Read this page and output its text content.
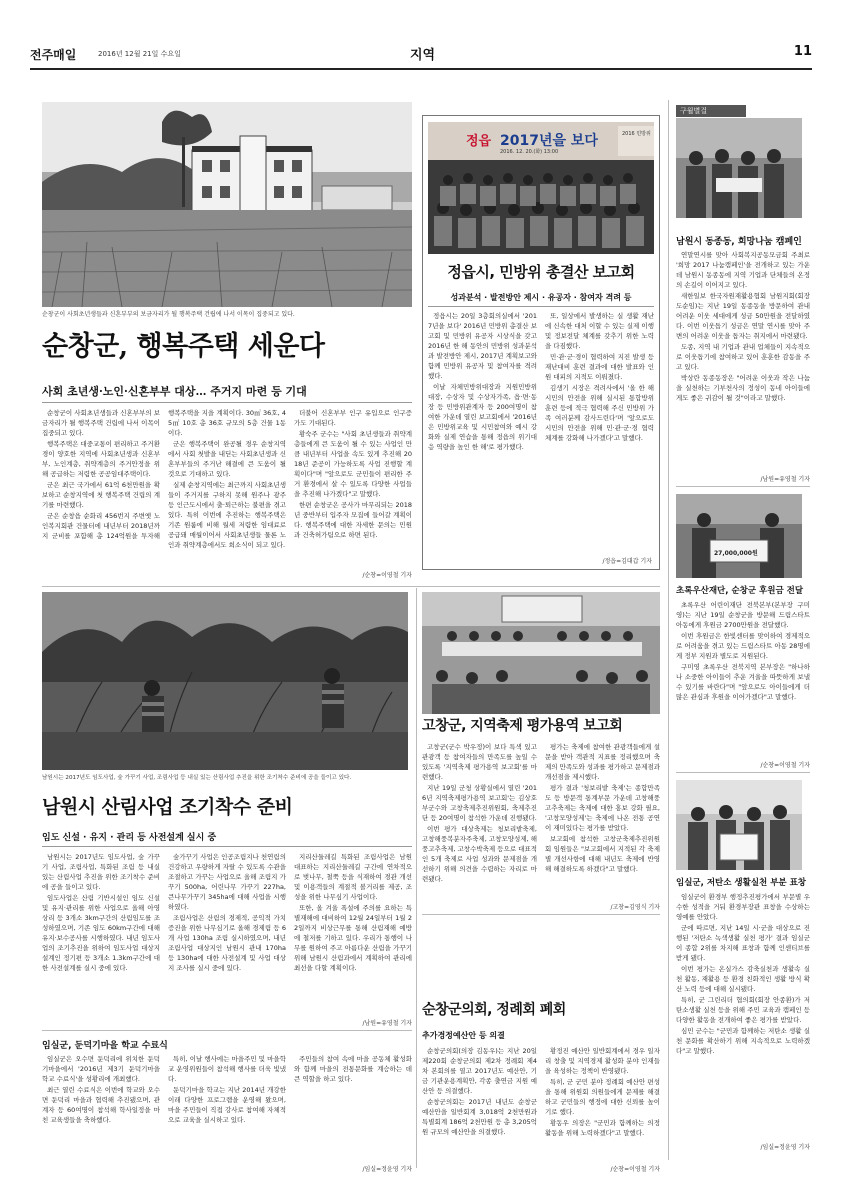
전주매일	2016년 12월 21일 수요일	지역	11
순창군이 사회초년생들과 신혼부부의 보금자리가 될 행복주택 건립에 나서 이목이 집중되고 있다.
순창군, 행복주택 세운다
사회 초년생·노인·신혼부부 대상… 주거지 마련 등 기대

순창군이 사회초년생들과 신혼부부의 보금자리가 될 행복주택 건립에 나서 이목이 집중되고 있다.

행복주택은 대중교통이 편리하고 주거환경이 양호한 지역에 사회초년생과 신혼부부, 노인계층, 취약계층의 주거안정을 위해 공급하는 저렴한 공공임대주택이다.

군은 최근 국가에서 61억 6천만원을 확보하고 순창지역에 첫 행복주택 건립의 계기를 마련했다.

군은 순창읍 순화리 456번지 주변옛 노인복지회관 건물터에 내년부터 2018년까지 군비를 포함해 총 124억원을 투자해 행복주택을 지을 계획이다. 30㎡ 36호, 45㎡ 10호 총 36호 규모의 5층 건물 1동이다.

군은 행복주택이 완공될 경우 순창지역에서 사회 첫발을 내딛는 사회초년생과 신혼부부들의 주거난 해결에 큰 도움이 될 것으로 기대하고 있다.

실제 순창지역에는 최근까지 사회초년생들이 주거지를 구하지 못해 원주나 광주 등 인근도시에서 출·퇴근하는 불편을 겪고 있다. 특히 이번에 추진하는 행복주택은 기존 원룸에 비해 월세 저렴한 임대료로 공급돼 매월이어서 사회초년생들 물론 노인과 취약계층에서도 희소식이 되고 있다.

더불어 신혼부부 인구 유입으로 인구증가도 기대된다.

황숙주 군수는 "사회 초년생들과 취약계층들에게 큰 도움이 될 수 있는 사업인 만큼 내년부터 사업을 속도 있게 추진해 2018년 준공이 가능하도록 사업 진행할 계획이다"며 "앞으로도 군민들이 편리한 주거 환경에서 살 수 있도록 다양한 사업들을 추진해 나가겠다"고 말했다.

한편 순창군은 공사가 마무리되는 2018년 중반부터 입주자 모집에 들어갈 계획이다. 행복주택에 대한 자세한 문의는 민원과 건축허가팀으로 하면 된다.

/순창=이영철 기자
정읍 2017년을 보다
2016. 12. 20.(화) 13:00
2016 민방위
정읍시, 민방위 총결산 보고회
성과분석 · 발전방안 제시 · 유공자 · 참여자 격려 등

정읍시는 20일 3층회의실에서 '2017년을 보다' 2016년 민방위 총결산 보고회 및 민방위 유공자 시상식을 갖고 2016년 한 해 동안의 민방위 성과분석과 발전방안 제시, 2017년 계획보고와 함께 민방위 유공자 및 참여자를 격려했다.

이날 자체민방위대장과 지원민방위대장, 수상자 및 수상자가족, 읍·면·동장 등 민방위관계자 등 200여명이 참여한 가운데 열린 보고회에서 '2016년은 민방위교육 및 시민참여와 예시 강화와 실제 연습을 통해 정읍의 위기대응 역량을 높인 한 해'로 평가했다.

또, 일상에서 발생하는 실 생활 재난에 신속한 대처 이할 수 있는 실제 이행 및 정보전달 체계를 갖추기 위한 노력을 다짐했다.

민·관·군·경이 협력하여 지진 발생 등 재난대비 훈련 결과에 대한 발표와 인원 대피의 지적도 이뤄졌다.

김생기 시장은 격려사에서 '올 한 해 시민의 안전을 위해 실시된 통합방위 훈련 등에 적극 협력해 주신 민방위 가족 여러분께 감사드린다'며 '앞으로도 시민의 안전을 위해 민·관·군·경 협력 체계를 강화해 나가겠다'고 말했다.

/정읍=김대갑 기자
구월별걸
남원시 동종동, 희망나눔 캠페인

연말연시를 맞아 사회복지공동모금회 주최로 '희망 2017 나눔캠페인'을 전개하고 있는 가운데 남원시 동종동에 지역 기업과 단체들의 온정의 손길이 이어지고 있다.

새한일보 한국자원재활용협회 남원지회(회장 도순임)는 지난 19일 동종동을 방문하여 관내 어려운 이웃 세대에게 성금 50만원을 전달하였다. 이번 이웃돕기 성금은 연말 연시를 맞아 주변의 어려운 이웃을 돕자는 취지에서 마련됐다.

도종, 지역 내 기업과 관내 업체들이 지속적으로 이웃돕기에 참여하고 있어 훈훈한 감동을 주고 있다.

박상란 동종동장은 "어려운 이웃과 작은 나눔을 실천하는 기부천사의 정성이 동네 아이들에게도 좋은 귀감이 될 것"이라고 말했다.

/남원=유영철 기자
27,000,000원
초록우산재단, 순창군 후원금 전달

초록우산 어린이재단 전북본부(본부장 구미영)는 지난 19일 순창군을 방문해 드림스타트아동에게 후원금 2700만원을 전달했다.

이번 후원금은 한빛센터를 맞이하여 경제적으로 어려움을 겪고 있는 드림스타트 아동 28명에게 정부 지원과 별도로 지원된다.

구미영 초록우산 전북지역 본부장은 "하나하나 소중한 아이들이 추운 겨울을 따뜻하게 보낼 수 있기를 바란다"며 "앞으로도 아이들에게 더 많은 관심과 후원을 이어가겠다"고 말했다.

/순창=이영철 기자
임실군, 저탄소 생활실천 부분 표창

임실군이 환경부 행정추진평가에서 부문별 우수한 성적을 거둬 환경부장관 표창을 수상하는 영예를 안았다.

군에 따르면, 지난 14일 시·군을 대상으로 진행된 '저탄소 녹색생활 실천 평가' 결과 임실군이 종합 2위를 차지해 표창과 함께 인센티브를 받게 됐다.

이번 평가는 온실가스 감축실천과 생활속 실천 활동, 재활용 등 환경 친화적인 생활 방식 확산 노력 등에 대해 실시됐다.

특히, 군 그린리더 협의회(회장 안종환)가 저탄소생활 실천 등을 위해 주민 교육과 캠페인 등 다양한 활동을 전개하여 좋은 평가를 받았다.

심민 군수는 "군민과 함께하는 저탄소 생활 실천 문화를 확산하기 위해 지속적으로 노력하겠다"고 말했다.

/임실=정윤영 기자
남원시는 2017년도 임도사업, 숲 가꾸기 사업, 조림사업 등 내실 있는 산림사업 추진을 위한 조기착수 준비에 공을 들이고 있다.
남원시 산림사업 조기착수 준비
임도 신설 · 유지 · 관리 등 사전설계 실시 중

남원시는 2017년도 임도사업, 숲 가꾸기 사업, 조림사업, 특화된 조림 등 내실 있는 산림사업 추진을 위한 조기착수 준비에 공을 들이고 있다.

임도사업은 산림 기반시설인 임도 신설 및 유지·관리를 위한 사업으로 올해 아영 상리 등 3개소 3km구간의 산림임도를 조성하였으며, 기존 임도 60km구간에 대해 유지·보수공사를 시행하였다. 내년 임도사업의 조기추진을 위하여 임도사업 대상지 설계인 정기편 등 3개소 1.3km구간에 대한 사전설계를 실시 중에 있다.

숲가꾸기 사업은 인공조림지나 천연림의 건강하고 우량하게 자랄 수 있도록 수관을 조절하고 가꾸는 사업으로 올해 조림지 가꾸기 500ha, 어린나무 가꾸기 227ha, 큰나무가꾸기 345ha에 대해 사업을 시행하였다.

조림사업은 산림의 경제적, 공익적 가치 증진을 위한 나무심기로 올해 경제림 등 6개 사업 130ha 조림 실시하였으며, 내년 조림사업 대상지인 남원시 관내 170ha 등 130ha에 대한 사전설계 및 사업 대상지 조사를 실시 중에 있다.

지리산둘레길 특화된 조림사업은 남원 대표하는 지리산둘레길 구간에 연차적으로 벚나무, 철쭉 등을 식재하여 경관 개선 및 이용객들의 계절적 볼거리를 제공, 조성을 위한 나무심기 사업이다.

또한, 올 겨울 폭설에 주의를 요하는 특별재해에 대비하여 12월 24일부터 1월 22일까지 비상근무를 통해 산림재해 예방에 철저를 기하고 있다. 우리가 통행이 나무를 원하여 주고 아름다운 산림을 가꾸기 위해 남원시 산림과에서 계획하여 관리에 최선을 다할 계획이다.

/남원=유영철 기자
임실군, 둔덕기마을 학교 수료식

임실군은 오수면 둔덕리에 위치한 둔덕기마을에서 '2016년 제3기 둔덕기마을 학교 수료식'을 성황리에 개최했다.

최근 열린 수료식은 이번에 학교와 오수면 둔덕리 마을과 협력해 추진됐으며, 관계자 등 60여명이 참석해 학사일정을 마친 교육생들을 축하했다.

특히, 이날 행사에는 마을주민 및 마을학교 운영위원들이 참석해 행사를 더욱 빛냈다.

둔덕기마을 학교는 지난 2014년 개강한 이래 다양한 프로그램을 운영해 왔으며, 마을 주민들이 직접 강사로 참여해 자체적으로 교육을 실시하고 있다.

주민들의 참여 속에 마을 공동체 활성화와 함께 마을의 전통문화를 계승하는 데 큰 역할을 하고 있다.

/임실=정윤영 기자
고창군, 지역축제 평가용역 보고회

고창군(군수 박우정)이 보다 특색 있고 관광객 등 참여자들의 만족도를 높일 수 있도록 '지역축제 평가용역 보고회'를 마련했다.

지난 19일 군청 상황실에서 열린 '2016년 지역축제평가용역 보고회'는 김상호 부군수와 고창축제추진위원회, 축제추진단 등 20여명이 참석한 가운데 진행됐다.

이번 평가 대상축제는 청보리밭축제, 고창해풍복분자주축제, 고창모양성제, 해풍고추축제, 고창수박축제 등으로 대표적인 5개 축제로 사업 성과와 문제점을 개선하기 위해 의견을 수렴하는 자리로 마련됐다.

평가는 축제에 참여한 관광객들에게 설문을 받아 객관적 지표를 정리했으며 축제의 만족도와 성과를 평가하고 문제점과 개선점을 제시했다.

평가 결과 '청보리밭 축제'는 종합만족도 등 방문객 통계부문 가운데 고창해풍고추축제는 축제에 대한 홍보 강화 필요, '고창모양성제'는 축제에 나온 전통 공연이 재미있다는 평가를 받았다.

보고회에 참석한 고창군축제추진위원회 임원들은 "보고회에서 지적된 각 축제별 개선사항에 대해 내년도 축제에 반영해 해결하도록 하겠다"고 말했다.

/고창=김영식 기자
순창군의회, 정례회 폐회
추가경정예산안 등 의결

순창군의회(의장 김동우)는 지난 20일 제220회 순창군의회 제2차 정례회 제4차 본회의를 열고 2017년도 예산안, 기금 기관운용계획안, 각종 출연금 지원 예산안 등 의결했다.

순창군의회는 2017년 내년도 순창군 예산안을 일반회계 3,018억 2천만원과 특별회계 186억 2천만원 등 총 3,205억원 규모의 예산안을 의결했다.

황정진 예산안 일반회계에서 경우 일자리 창출 및 지역경제 활성화 분야 인재들을 육성하는 정책이 반영됐다.

특히, 군 군민 분야 정례회 예산안 편성을 통해 위원회 의원들에게 문제를 해결하고 군민들의 행정에 대한 신뢰를 높이기로 했다.

황동우 의장은 "군민과 함께하는 의정활동을 위해 노력하겠다"고 말했다.

/순창=이영철 기자
